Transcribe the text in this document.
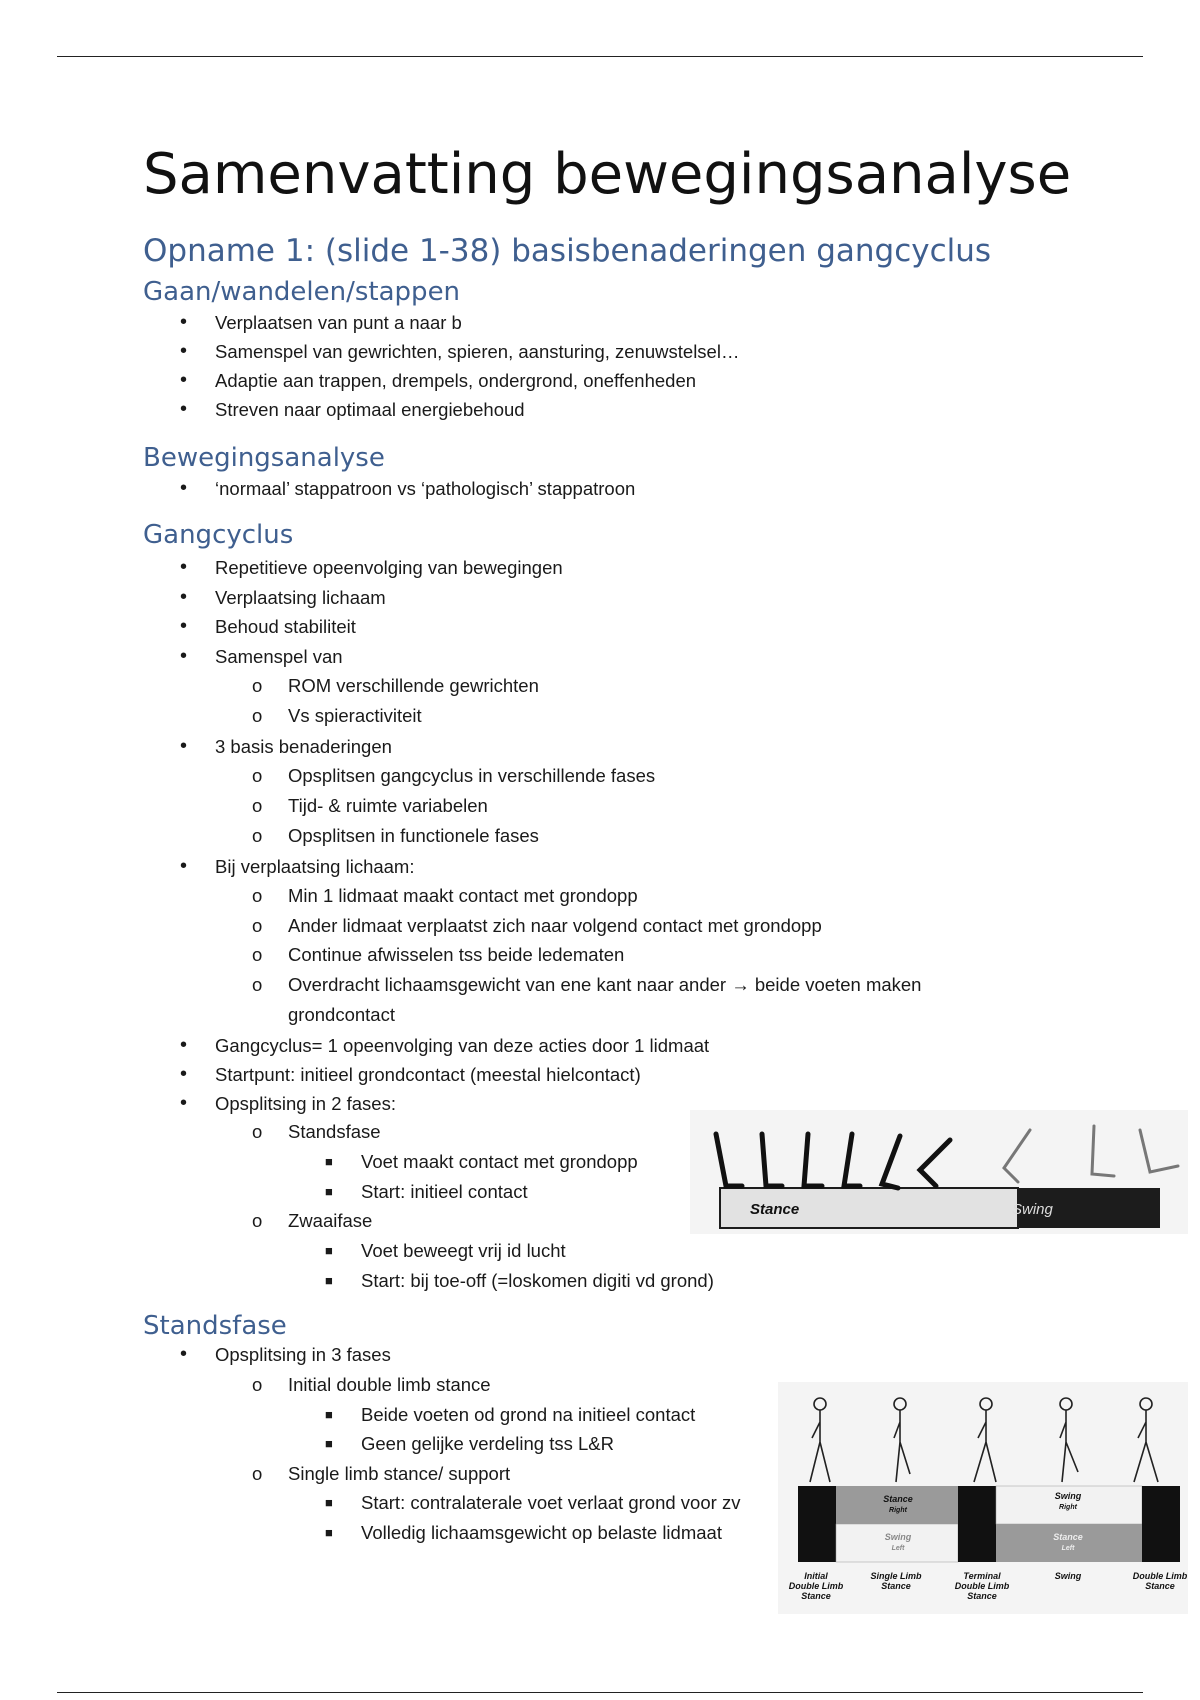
Samenvatting bewegingsanalyse
Opname 1: (slide 1-38) basisbenaderingen gangcyclus
Gaan/wandelen/stappen
• Verplaatsen van punt a naar b
• Samenspel van gewrichten, spieren, aansturing, zenuwstelsel…
• Adaptie aan trappen, drempels, ondergrond, oneffenheden
• Streven naar optimaal energiebehoud
Bewegingsanalyse
• ‘normaal’ stappatroon vs ‘pathologisch’ stappatroon
Gangcyclus
• Repetitieve opeenvolging van bewegingen
• Verplaatsing lichaam
• Behoud stabiliteit
• Samenspel van
o ROM verschillende gewrichten
o Vs spieractiviteit
• 3 basis benaderingen
o Opsplitsen gangcyclus in verschillende fases
o Tijd- & ruimte variabelen
o Opsplitsen in functionele fases
• Bij verplaatsing lichaam:
o Min 1 lidmaat maakt contact met grondopp
o Ander lidmaat verplaatst zich naar volgend contact met grondopp
o Continue afwisselen tss beide ledematen
o Overdracht lichaamsgewicht van ene kant naar ander → beide voeten maken
grondcontact
• Gangcyclus= 1 opeenvolging van deze acties door 1 lidmaat
• Startpunt: initieel grondcontact (meestal hielcontact)
• Opsplitsing in 2 fases:
o Standsfase
■ Voet maakt contact met grondopp
■ Start: initieel contact
o Zwaaifase
■ Voet beweegt vrij id lucht
■ Start: bij toe-off (=loskomen digiti vd grond)
Standsfase
• Opsplitsing in 3 fases
o Initial double limb stance
■ Beide voeten od grond na initieel contact
■ Geen gelijke verdeling tss L&R
o Single limb stance/ support
■ Start: contralaterale voet verlaat grond voor zv
■ Volledig lichaamsgewicht op belaste lidmaat
Stance	Swing
Stance
Right
Swing
Left
Swing
Right
Stance
Left
Initial
Double Limb
Stance
Single Limb
Stance
Terminal
Double Limb
Stance
Swing	Double Limb
Stance
